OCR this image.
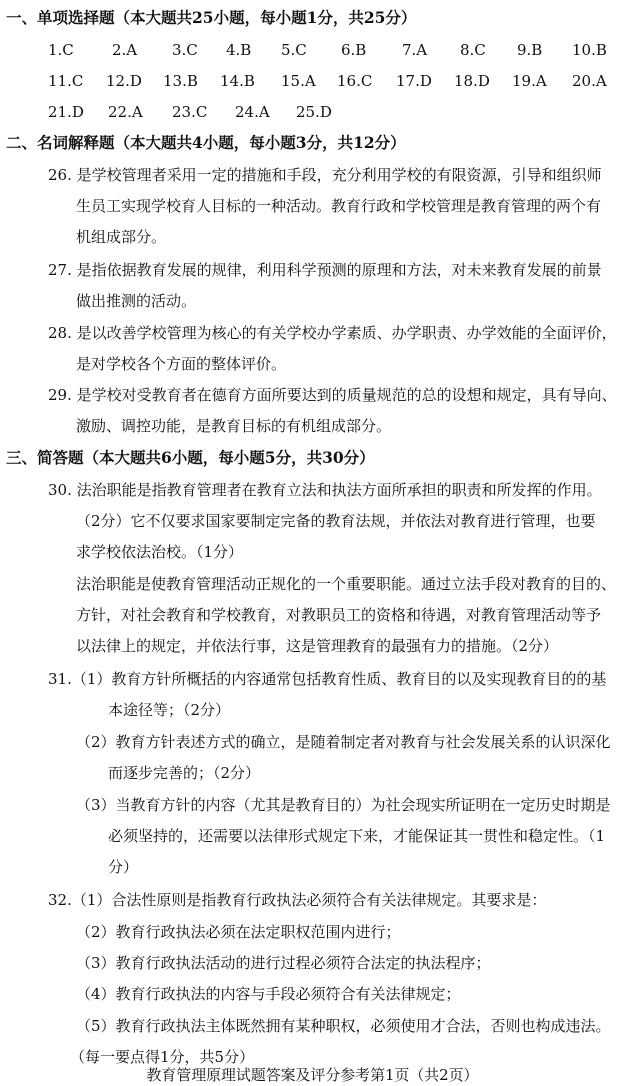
一、单项选择题（本大题共25小题，每小题1分，共25分）
1.C	2.A 3.C 4.B 5.C 6.B 7.A 8.C 9.B 10.B
11.C 12.D 13.B 14.B 15.A 16.C 17.D 18.D 19.A 20.A
21.D 22.A 23.C 24.A 25.D
二、名词解释题（本大题共4小题，每小题3分，共12分）
26. 是学校管理者采用一定的措施和手段，充分利用学校的有限资源，引导和组织师
生员工实现学校育人目标的一种活动。教育行政和学校管理是教育管理的两个有
机组成部分。
27. 是指依据教育发展的规律，利用科学预测的原理和方法，对未来教育发展的前景
做出推测的活动。
28. 是以改善学校管理为核心的有关学校办学素质、办学职责、办学效能的全面评价，
是对学校各个方面的整体评价。
29. 是学校对受教育者在德育方面所要达到的质量规范的总的设想和规定，具有导向、
激励、调控功能，是教育目标的有机组成部分。
三、简答题（本大题共6小题，每小题5分，共30分）
30. 法治职能是指教育管理者在教育立法和执法方面所承担的职责和所发挥的作用。
（2分）它不仅要求国家要制定完备的教育法规，并依法对教育进行管理，也要
求学校依法治校。（1分）
法治职能是使教育管理活动正规化的一个重要职能。通过立法手段对教育的目的、
方针，对社会教育和学校教育，对教职员工的资格和待遇，对教育管理活动等予
以法律上的规定，并依法行事，这是管理教育的最强有力的措施。（2分）
31.（1）教育方针所概括的内容通常包括教育性质、教育目的以及实现教育目的的基
本途径等；（2分）
（2）教育方针表述方式的确立，是随着制定者对教育与社会发展关系的认识深化
而逐步完善的；（2分）
（3）当教育方针的内容（尤其是教育目的）为社会现实所证明在一定历史时期是
必须坚持的，还需要以法律形式规定下来，才能保证其一贯性和稳定性。（1
分）
32.（1）合法性原则是指教育行政执法必须符合有关法律规定。其要求是：
（2）教育行政执法必须在法定职权范围内进行；
（3）教育行政执法活动的进行过程必须符合法定的执法程序；
（4）教育行政执法的内容与手段必须符合有关法律规定；
（5）教育行政执法主体既然拥有某种职权，必须使用才合法，否则也构成违法。
（每一要点得1分，共5分）
教育管理原理试题答案及评分参考第1页（共2页）
